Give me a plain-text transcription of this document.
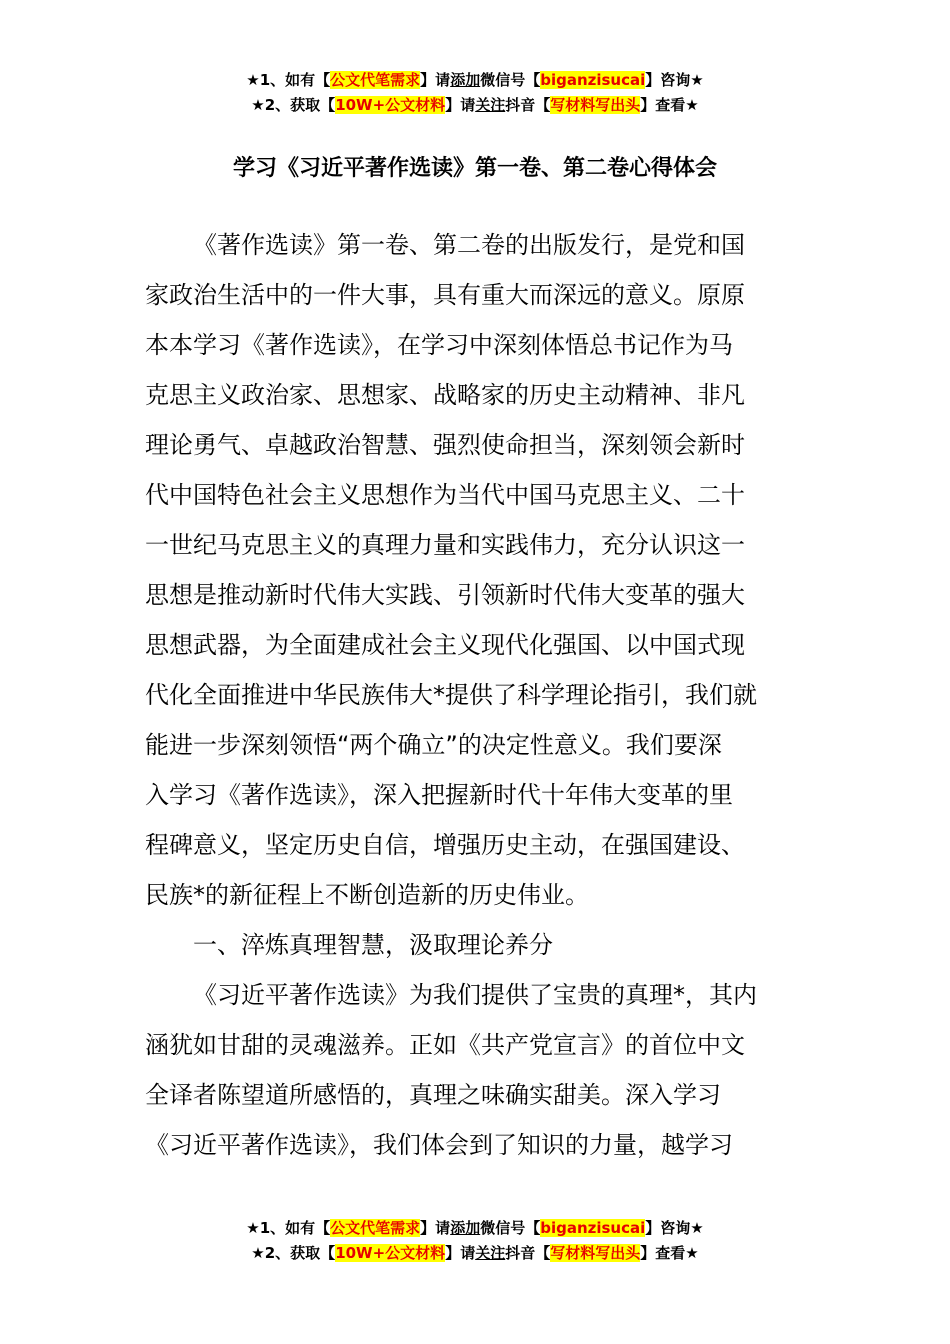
★1、如有【公文代笔需求】请添加微信号【biganzisucai】咨询★
★2、获取【10W+公文材料】请关注抖音【写材料写出头】查看★
学习《习近平著作选读》第一卷、第二卷心得体会
《著作选读》第一卷、第二卷的出版发行，是党和国
家政治生活中的一件大事，具有重大而深远的意义。原原
本本学习《著作选读》，在学习中深刻体悟总书记作为马
克思主义政治家、思想家、战略家的历史主动精神、非凡
理论勇气、卓越政治智慧、强烈使命担当，深刻领会新时
代中国特色社会主义思想作为当代中国马克思主义、二十
一世纪马克思主义的真理力量和实践伟力，充分认识这一
思想是推动新时代伟大实践、引领新时代伟大变革的强大
思想武器，为全面建成社会主义现代化强国、以中国式现
代化全面推进中华民族伟大*提供了科学理论指引，我们就
能进一步深刻领悟“两个确立”的决定性意义。我们要深
入学习《著作选读》，深入把握新时代十年伟大变革的里
程碑意义，坚定历史自信，增强历史主动，在强国建设、
民族*的新征程上不断创造新的历史伟业。
一、淬炼真理智慧，汲取理论养分
《习近平著作选读》为我们提供了宝贵的真理*，其内
涵犹如甘甜的灵魂滋养。正如《共产党宣言》的首位中文
全译者陈望道所感悟的，真理之味确实甜美。深入学习
《习近平著作选读》，我们体会到了知识的力量，越学习
★1、如有【公文代笔需求】请添加微信号【biganzisucai】咨询★
★2、获取【10W+公文材料】请关注抖音【写材料写出头】查看★
